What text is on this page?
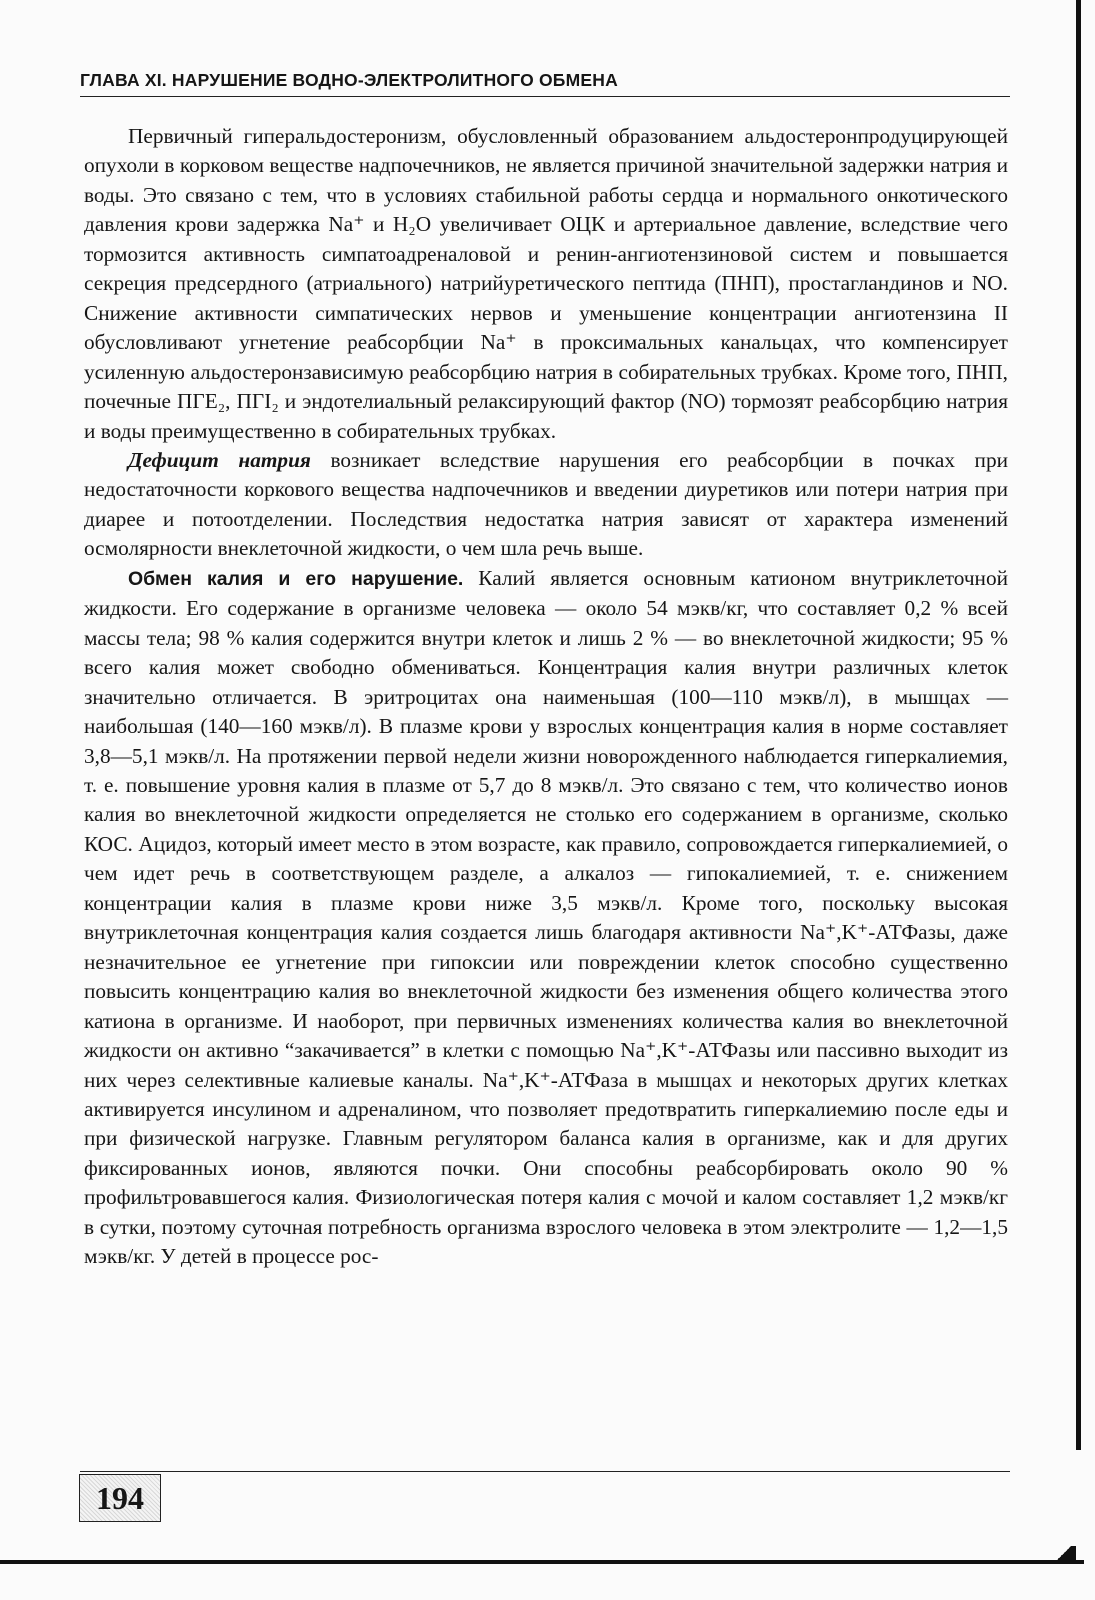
ГЛАВА XI. НАРУШЕНИЕ ВОДНО-ЭЛЕКТРОЛИТНОГО ОБМЕНА

Первичный гиперальдостеронизм, обусловленный образованием альдостеронпродуцирующей опухоли в корковом веществе надпочечников, не является причиной значительной задержки натрия и воды. Это связано с тем, что в условиях стабильной работы сердца и нормального онкотического давления крови задержка Na⁺ и H₂O увеличивает ОЦК и артериальное давление, вследствие чего тормозится активность симпатоадреналовой и ренин-ангиотензиновой систем и повышается секреция предсердного (атриального) натрийуретического пептида (ПНП), простагландинов и NO. Снижение активности симпатических нервов и уменьшение концентрации ангиотензина II обусловливают угнетение реабсорбции Na⁺ в проксимальных канальцах, что компенсирует усиленную альдостеронзависимую реабсорбцию натрия в собирательных трубках. Кроме того, ПНП, почечные ПГЕ₂, ПГI₂ и эндотелиальный релаксирующий фактор (NO) тормозят реабсорбцию натрия и воды преимущественно в собирательных трубках.

Дефицит натрия возникает вследствие нарушения его реабсорбции в почках при недостаточности коркового вещества надпочечников и введении диуретиков или потери натрия при диарее и потоотделении. Последствия недостатка натрия зависят от характера изменений осмолярности внеклеточной жидкости, о чем шла речь выше.

Обмен калия и его нарушение. Калий является основным катионом внутриклеточной жидкости. Его содержание в организме человека — около 54 мэкв/кг, что составляет 0,2 % всей массы тела; 98 % калия содержится внутри клеток и лишь 2 % — во внеклеточной жидкости; 95 % всего калия может свободно обмениваться. Концентрация калия внутри различных клеток значительно отличается. В эритроцитах она наименьшая (100—110 мэкв/л), в мышцах — наибольшая (140—160 мэкв/л). В плазме крови у взрослых концентрация калия в норме составляет 3,8—5,1 мэкв/л. На протяжении первой недели жизни новорожденного наблюдается гиперкалиемия, т. е. повышение уровня калия в плазме от 5,7 до 8 мэкв/л. Это связано с тем, что количество ионов калия во внеклеточной жидкости определяется не столько его содержанием в организме, сколько КОС. Ацидоз, который имеет место в этом возрасте, как правило, сопровождается гиперкалиемией, о чем идет речь в соответствующем разделе, а алкалоз — гипокалиемией, т. е. снижением концентрации калия в плазме крови ниже 3,5 мэкв/л. Кроме того, поскольку высокая внутриклеточная концентрация калия создается лишь благодаря активности Na⁺,K⁺-АТФазы, даже незначительное ее угнетение при гипоксии или повреждении клеток способно существенно повысить концентрацию калия во внеклеточной жидкости без изменения общего количества этого катиона в организме. И наоборот, при первичных изменениях количества калия во внеклеточной жидкости он активно “закачивается” в клетки с помощью Na⁺,K⁺-АТФазы или пассивно выходит из них через селективные калиевые каналы. Na⁺,K⁺-АТФаза в мышцах и некоторых других клетках активируется инсулином и адреналином, что позволяет предотвратить гиперкалиемию после еды и при физической нагрузке. Главным регулятором баланса калия в организме, как и для других фиксированных ионов, являются почки. Они способны реабсорбировать около 90 % профильтровавшегося калия. Физиологическая потеря калия с мочой и калом составляет 1,2 мэкв/кг в сутки, поэтому суточная потребность организма взрослого человека в этом электролите — 1,2—1,5 мэкв/кг. У детей в процессе рос-

194
